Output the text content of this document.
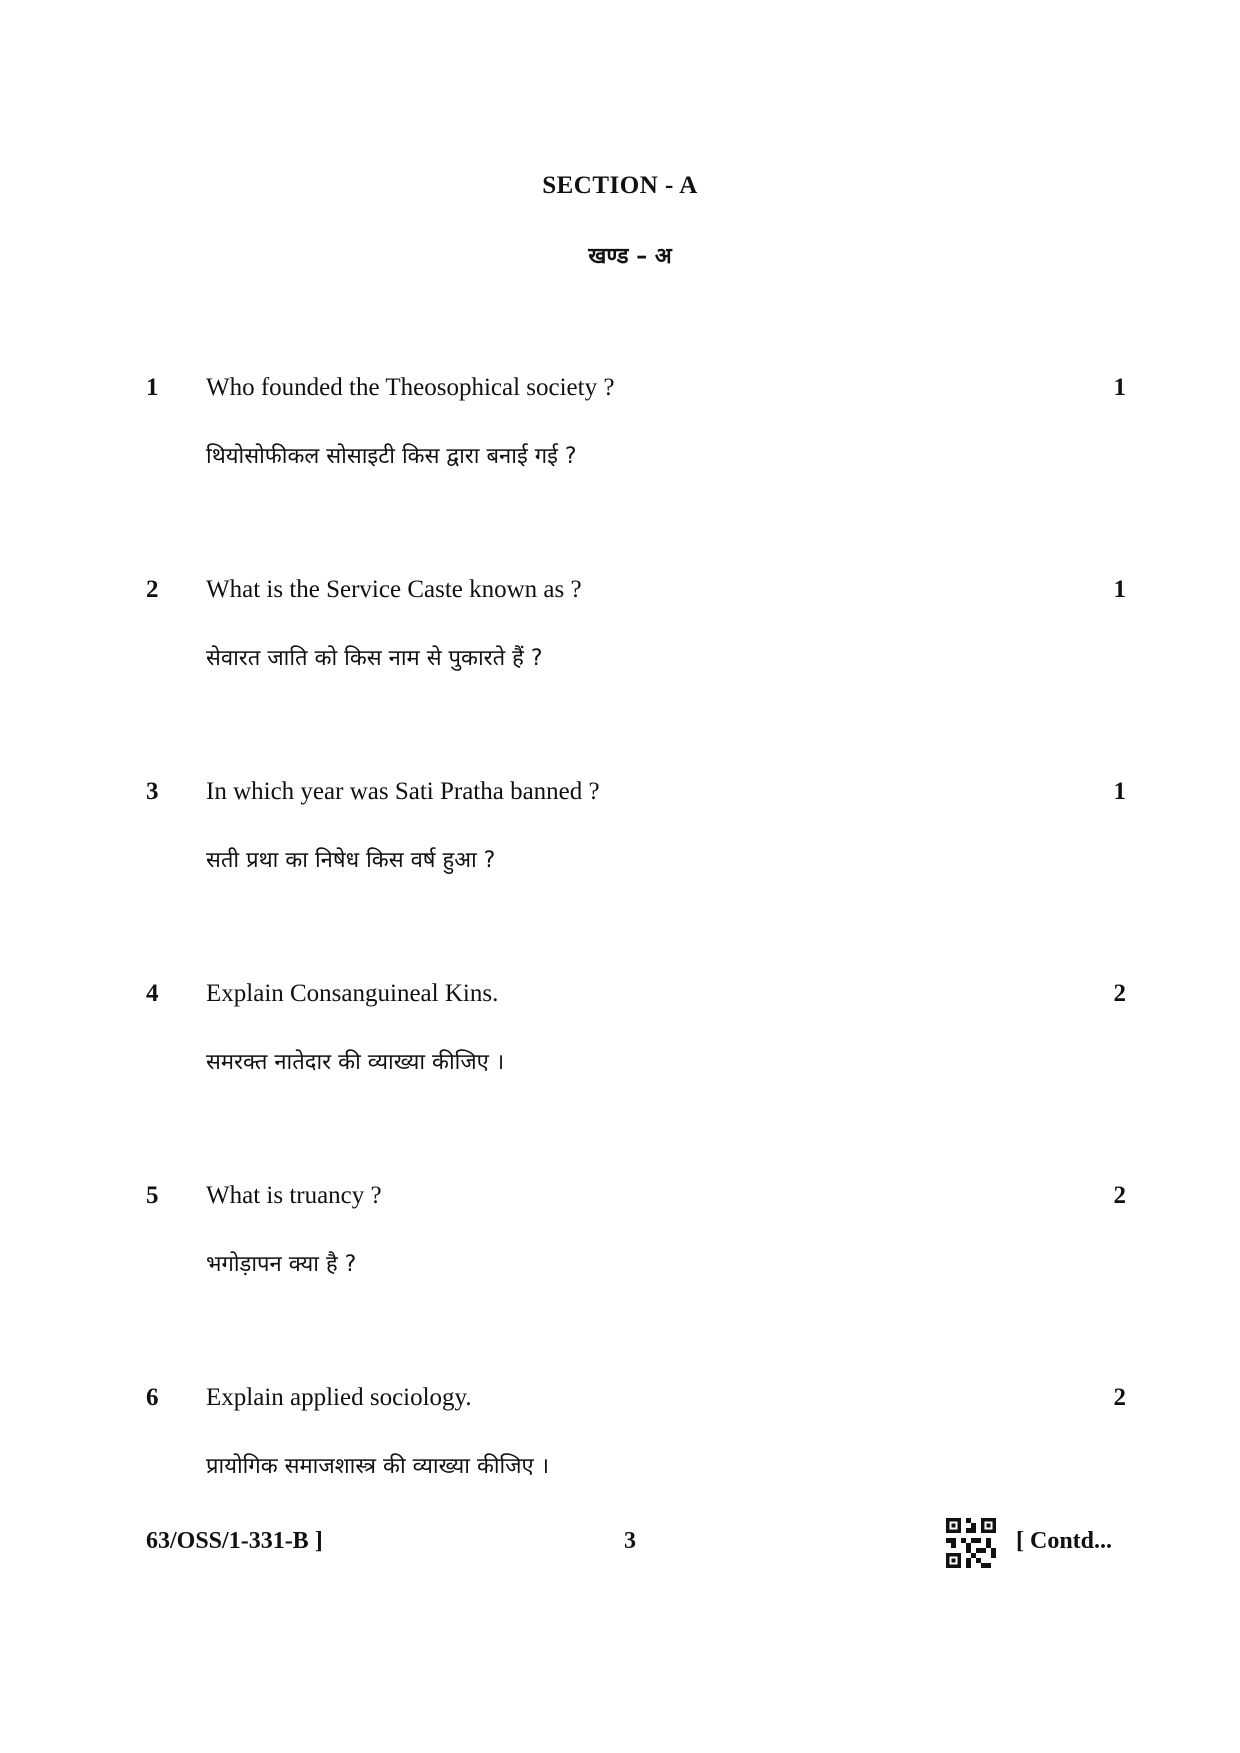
SECTION - A
खण्ड – अ
1 Who founded the Theosophical society ?	1
थियोसोफीकल सोसाइटी किस द्वारा बनाई गई ?
2 What is the Service Caste known as ?	1
सेवारत जाति को किस नाम से पुकारते हैं ?
3 In which year was Sati Pratha banned ?	1
सती प्रथा का निषेध किस वर्ष हुआ ?
4 Explain Consanguineal Kins.	2
समरक्त नातेदार की व्याख्या कीजिए ।
5 What is truancy ?	2
भगोड़ापन क्या है ?
6 Explain applied sociology.	2
प्रायोगिक समाजशास्त्र की व्याख्या कीजिए ।
63/OSS/1-331-B ]	3	[ Contd...
